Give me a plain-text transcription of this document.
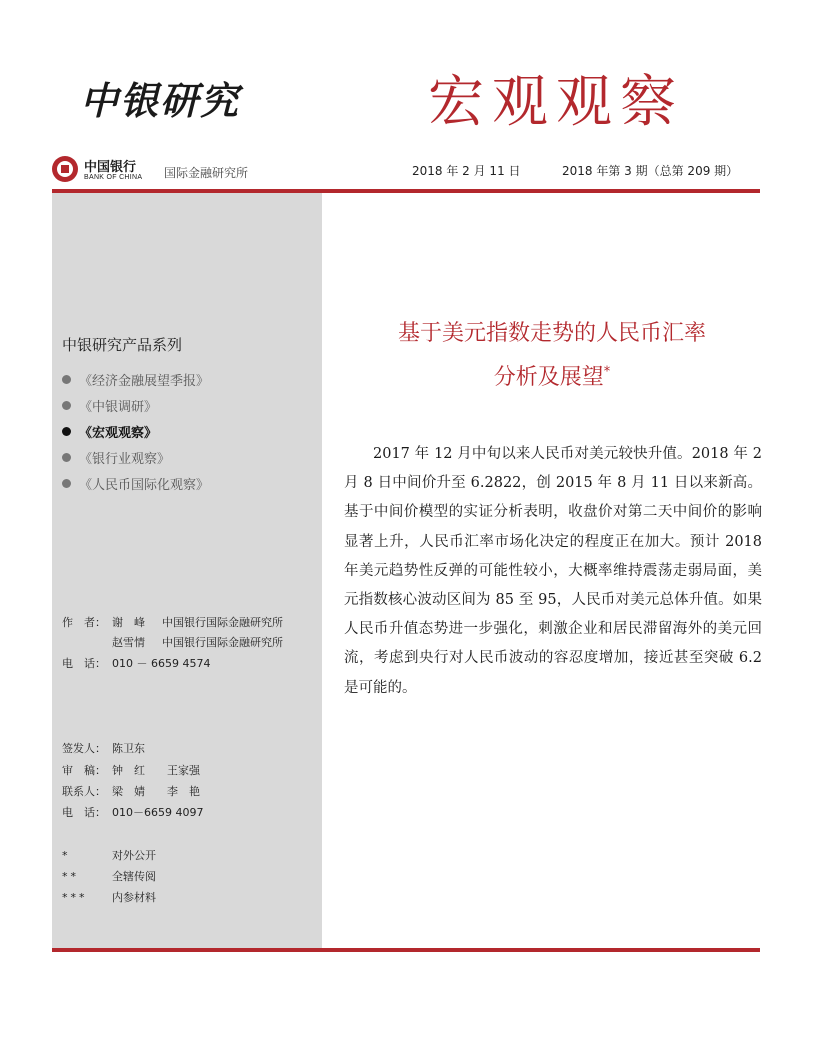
中银研究	宏观观察
中国银行
BANK OF CHINA 国际金融研究所	2018 年 2 月 11 日	2018 年第 3 期（总第 209 期）
中银研究产品系列
《经济金融展望季报》
《中银调研》
《宏观观察》
《银行业观察》
《人民币国际化观察》
作　者： 谢　峰 中国银行国际金融研究所
赵雪情 中国银行国际金融研究所
电　话： 010 － 6659 4574
签发人： 陈卫东
审　稿： 钟　红　　王家强
联系人： 梁　婧　　李　艳
电　话： 010－6659 4097
*	对外公开
**	全辖传阅
*** 内参材料
基于美元指数走势的人民币汇率
分析及展望*

2017 年 12 月中旬以来人民币对美元较快升值。2018 年 2 月 8 日中间价升至 6.2822，创 2015 年 8 月 11 日以来新高。基于中间价模型的实证分析表明，收盘价对第二天中间价的影响显著上升，人民币汇率市场化决定的程度正在加大。预计 2018 年美元趋势性反弹的可能性较小，大概率维持震荡走弱局面，美元指数核心波动区间为 85 至 95，人民币对美元总体升值。如果人民币升值态势进一步强化，刺激企业和居民滞留海外的美元回流，考虑到央行对人民币波动的容忍度增加，接近甚至突破 6.2 是可能的。
